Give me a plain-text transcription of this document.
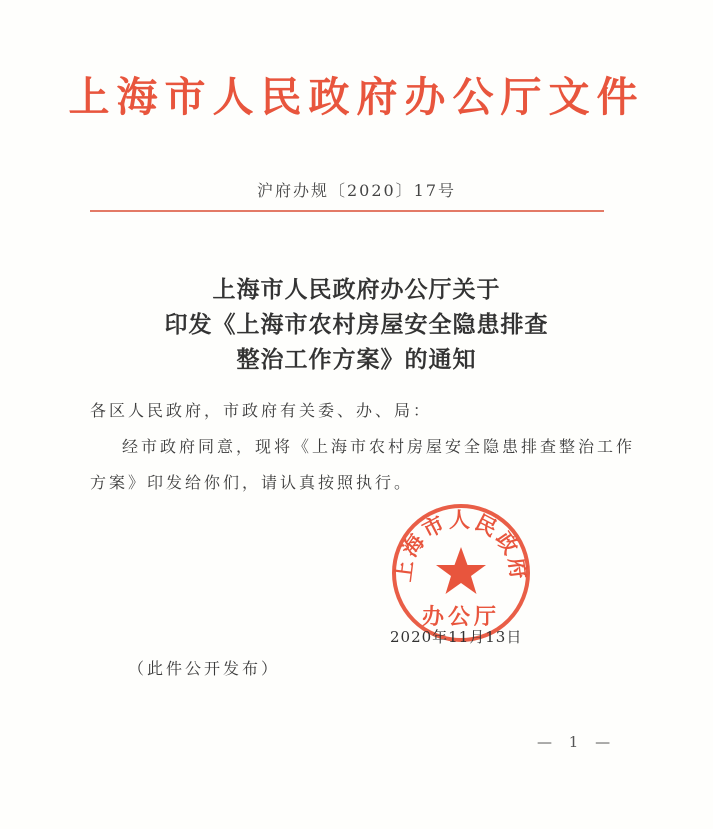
上海市人民政府办公厅文件
沪府办规〔2020〕17号
上海市人民政府办公厅关于
印发《上海市农村房屋安全隐患排查
整治工作方案》的通知
各区人民政府，市政府有关委、办、局：
经市政府同意，现将《上海市农村房屋安全隐患排查整治工作
方案》印发给你们，请认真按照执行。
上海市人民政府
办公厅
2020年11月13日
（此件公开发布）
— 1 —
